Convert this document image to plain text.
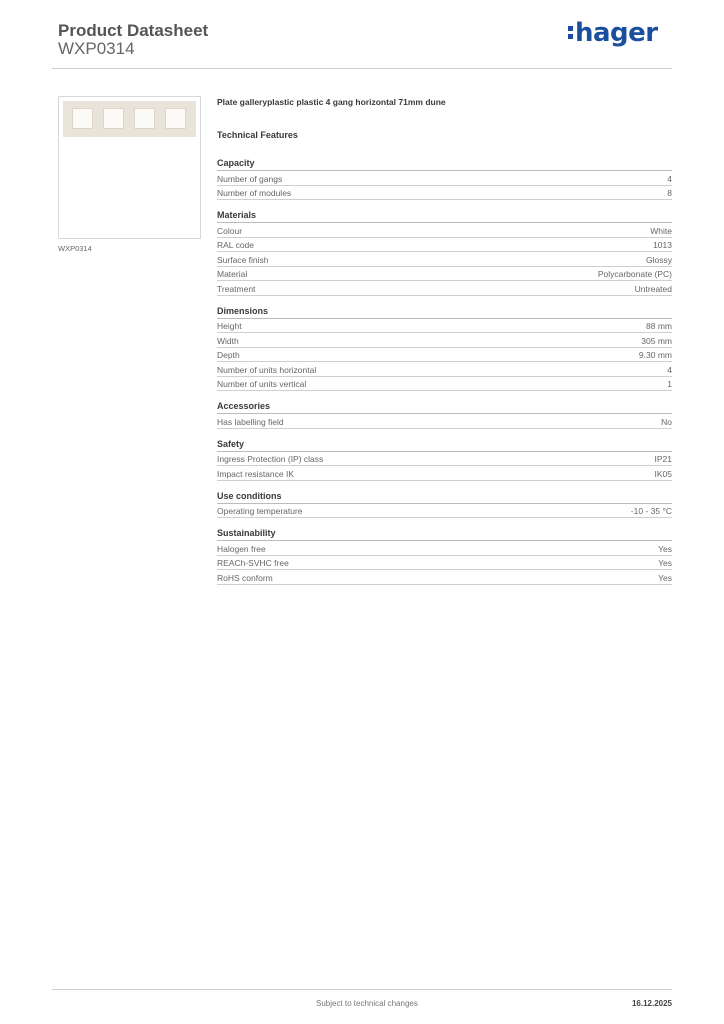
Product Datasheet
WXP0314
hager
WXP0314
Plate galleryplastic plastic 4 gang horizontal 71mm dune
Technical Features
Capacity
Number of gangs	4
Number of modules	8
Materials
Colour	White
RAL code	1013
Surface finish	Glossy
Material	Polycarbonate (PC)
Treatment	Untreated
Dimensions
Height	88 mm
Width	305 mm
Depth	9.30 mm
Number of units horizontal	4
Number of units vertical	1
Accessories
Has labelling field	No
Safety
Ingress Protection (IP) class	IP21
Impact resistance IK	IK05
Use conditions
Operating temperature	-10 - 35 °C
Sustainability
Halogen free	Yes
REACh-SVHC free	Yes
RoHS conform	Yes
Subject to technical changes	16.12.2025
